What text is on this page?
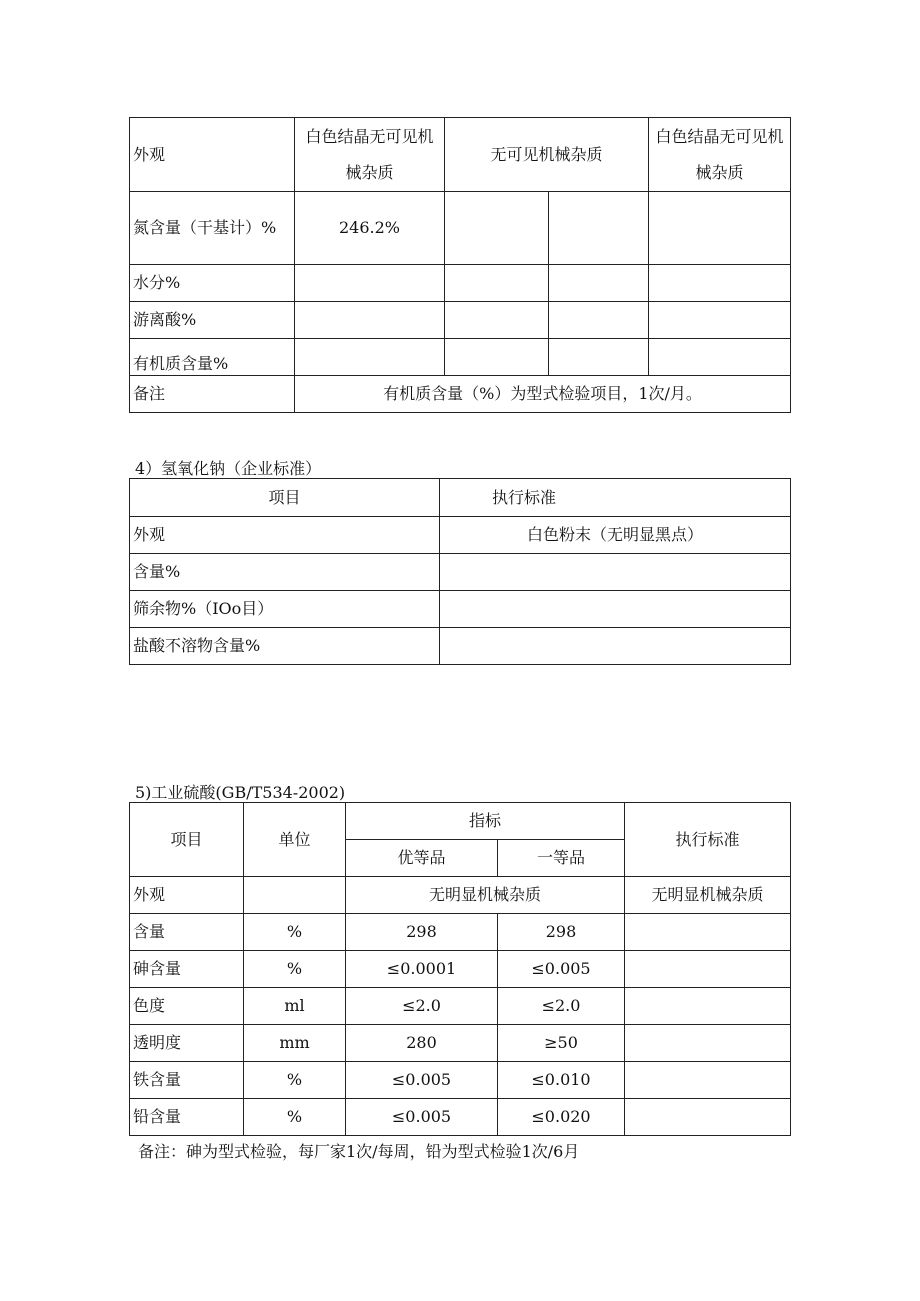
外观	白色结晶无可见机械杂质	无可见机械杂质		白色结晶无可见机械杂质
氮含量（干基计）%	246.2%			
水分%				
游离酸%				
有机质含量%				
备注	有机质含量（%）为型式检验项目，1次/月。			
4）氢氧化钠（企业标准）
项目	执行标准
外观	白色粉末（无明显黑点）
含量%	
筛余物%（IOo目）	
盐酸不溶物含量%	
5)工业硫酸(GB/T534-2002)
项目	单位	指标		执行标准
		优等品	一等品	
外观		无明显机械杂质		无明显机械杂质
含量	%	298	298	
砷含量	%	≤0.0001	≤0.005	
色度	ml	≤2.0	≤2.0	
透明度	mm	280	≥50	
铁含量	%	≤0.005	≤0.010	
铅含量	%	≤0.005	≤0.020	
备注：砷为型式检验，每厂家1次/每周，铅为型式检验1次/6月
